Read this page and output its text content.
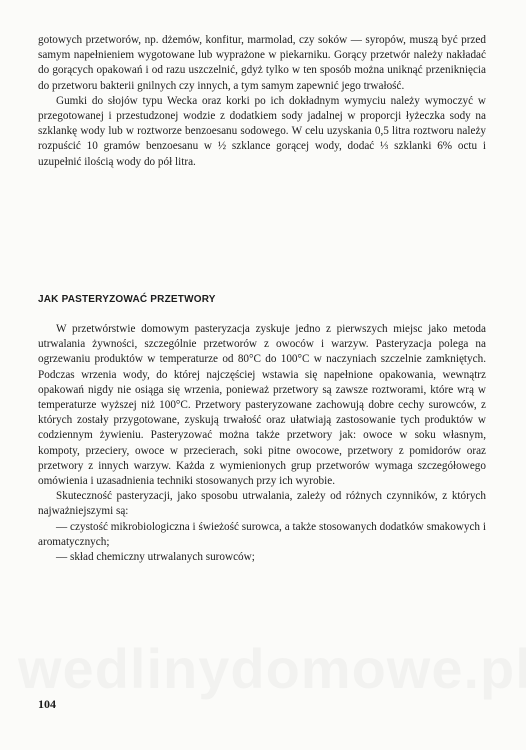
gotowych przetworów, np. dżemów, konfitur, marmolad, czy soków — syropów, muszą być przed samym napełnieniem wygotowane lub wyprażone w piekarniku. Gorący przetwór należy nakładać do gorących opakowań i od razu uszczelnić, gdyż tylko w ten sposób można uniknąć przeniknięcia do przetworu bakterii gnilnych czy innych, a tym samym zapewnić jego trwałość.

Gumki do słojów typu Wecka oraz korki po ich dokładnym wymyciu należy wymoczyć w przegotowanej i przestudzonej wodzie z dodatkiem sody jadalnej w proporcji łyżeczka sody na szklankę wody lub w roztworze benzoesanu sodowego. W celu uzyskania 0,5 litra roztworu należy rozpuścić 10 gramów benzoesanu w ½ szklance gorącej wody, dodać ⅓ szklanki 6% octu i uzupełnić ilością wody do pół litra.

JAK PASTERYZOWAĆ PRZETWORY

W przetwórstwie domowym pasteryzacja zyskuje jedno z pierwszych miejsc jako metoda utrwalania żywności, szczególnie przetworów z owoców i warzyw. Pasteryzacja polega na ogrzewaniu produktów w temperaturze od 80°C do 100°C w naczyniach szczelnie zamkniętych. Podczas wrzenia wody, do której najczęściej wstawia się napełnione opakowania, wewnątrz opakowań nigdy nie osiąga się wrzenia, ponieważ przetwory są zawsze roztworami, które wrą w temperaturze wyższej niż 100°C. Przetwory pasteryzowane zachowują dobre cechy surowców, z których zostały przygotowane, zyskują trwałość oraz ułatwiają zastosowanie tych produktów w codziennym żywieniu. Pasteryzować można także przetwory jak: owoce w soku własnym, kompoty, przeciery, owoce w przecierach, soki pitne owocowe, przetwory z pomidorów oraz przetwory z innych warzyw. Każda z wymienionych grup przetworów wymaga szczegółowego omówienia i uzasadnienia techniki stosowanych przy ich wyrobie.

Skuteczność pasteryzacji, jako sposobu utrwalania, zależy od różnych czynników, z których najważniejszymi są:

— czystość mikrobiologiczna i świeżość surowca, a także stosowanych dodatków smakowych i aromatycznych;

— skład chemiczny utrwalanych surowców;

104
